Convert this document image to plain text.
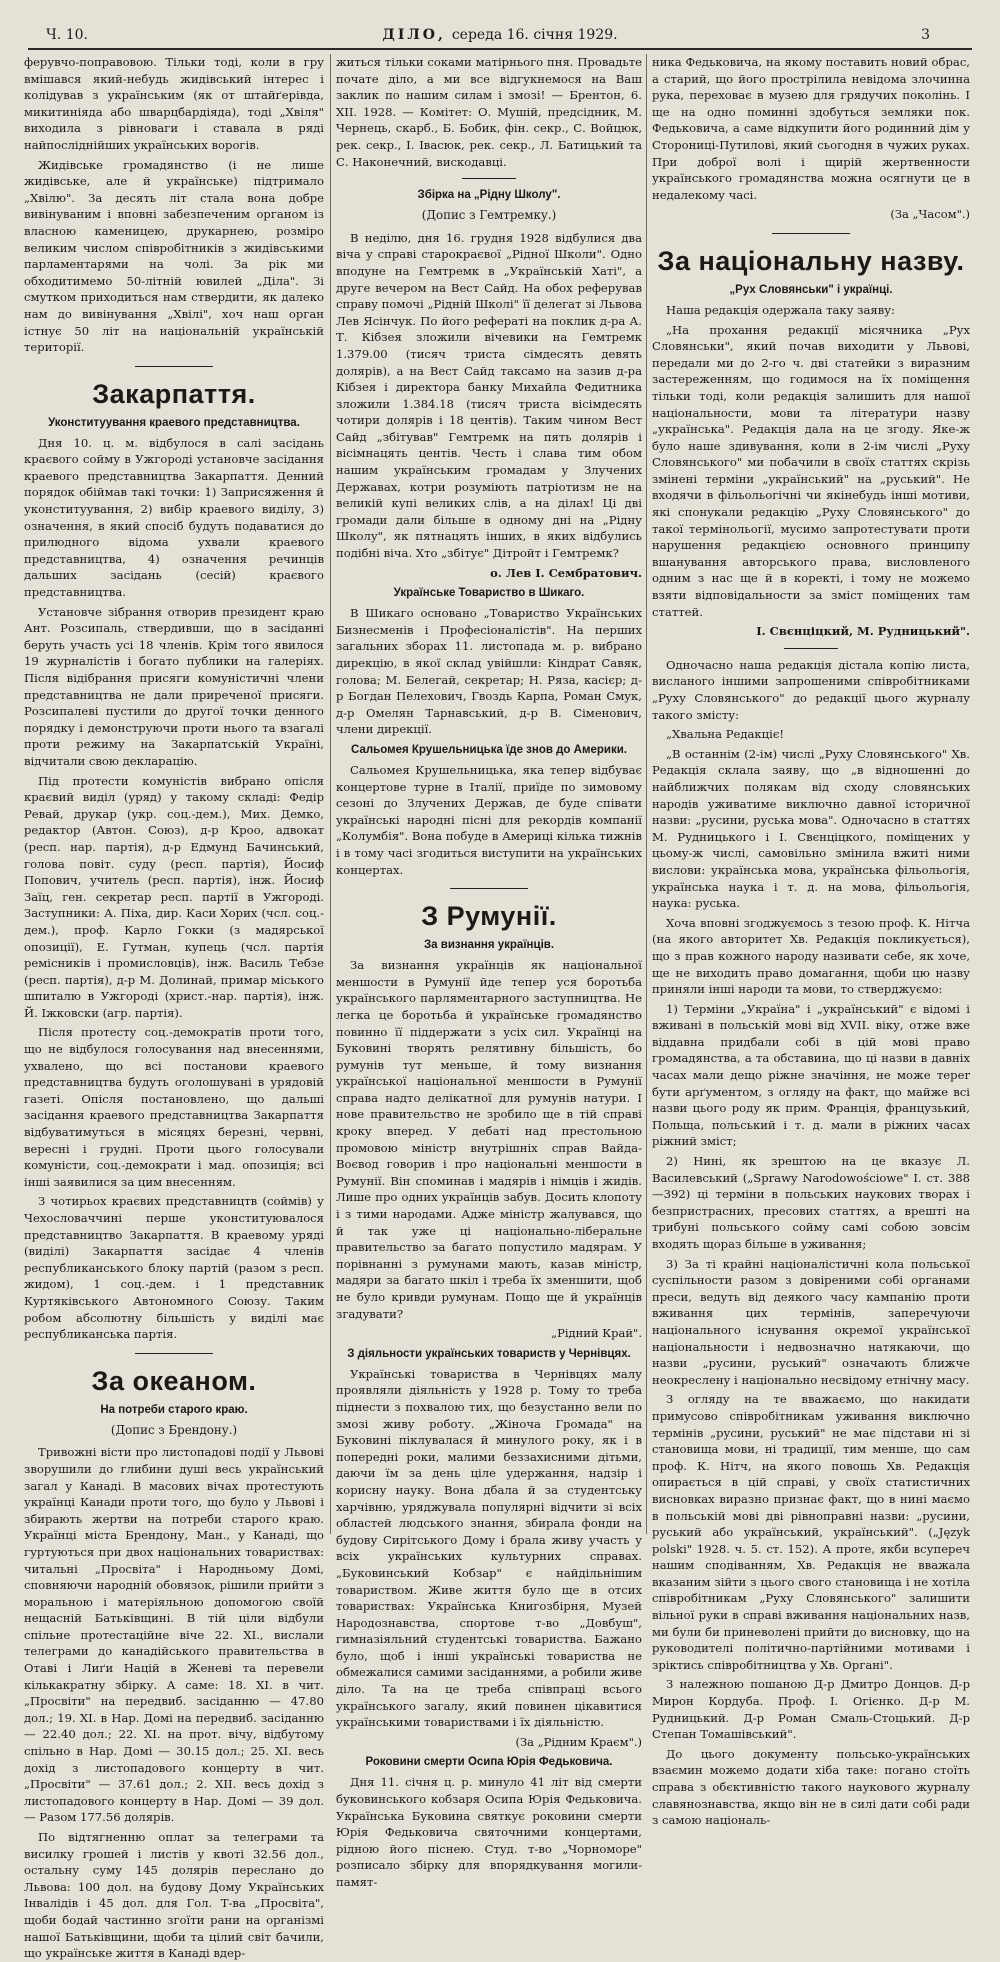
Ч. 10.	ДІЛО, середа 16. січня 1929.	3

ферувчо-поправовою. Тільки тоді, коли в гру вмішався який-небудь жидівський інтерес і колідував з українським (як от штайґерівда, микитиніяда або шварцбардіяда), тоді „Хвіля" виходила з рівноваги і ставала в ряді найпосліднійших українських ворогів.

Жидівське громадянство (і не лише жидівське, але й українське) підтримало „Хвілю". За десять літ стала вона добре вивінуваним і вповні забезпеченим органом із власною каменицею, друкарнею, розміро великим числом співробітників з жидівськими парламентарями на чолі. За рік ми обходитимемо 50-літній ювилей „Діла". Зі смутком приходиться нам ствердити, як далеко нам до вивінування „Хвілі", хоч наш орган істнує 50 літ на національній українській території.

Закарпаття.
Уконституування краевого представництва.

Дня 10. ц. м. відбулося в салі засідань краєвого сойму в Ужгороді установче засідання краевого представництва Закарпаття. Денний порядок обіймав такі точки: 1) Заприсяження й уконституування, 2) вибір краевого виділу, 3) означення, в який спосіб будуть подаватися до прилюдного відома ухвали краевого представництва, 4) означення речинців дальших засідань (сесій) краєвого представництва.

Установче зібрання отворив президент краю Ант. Розсипаль, ствердивши, що в засіданні беруть участь усі 18 членів. Крім того явилося 19 журналістів і богато публики на галеріях. Після відібрання присяги комуністичні члени представництва не дали приреченої присяги. Розсипалеві пустили до другої точки денного порядку і демонструючи проти нього та взагалі проти режиму на Закарпатській Україні, відчитали свою декларацію.

Під протести комуністів вибрано опісля краєвий виділ (уряд) у такому складі: Федір Ревай, друкар (укр. соц.-дем.), Мих. Демко, редактор (Автон. Союз), д-р Кроо, адвокат (респ. нар. партія), д-р Едмунд Бачинський, голова повіт. суду (респ. партія), Йосиф Попович, учитель (респ. партія), інж. Йосиф Заїц, ген. секретар респ. партії в Ужгороді. Заступники: А. Піха, дир. Каси Хорих (чсл. соц.-дем.), проф. Карло Гокки (з мадярської опозиції), Е. Гутман, купець (чсл. партія ремісників і промисловців), інж. Василь Тебзе (респ. партія), д-р М. Долинай, примар міського шпиталю в Ужгороді (христ.-нар. партія), інж. Й. Іжковски (агр. партія).

Після протесту соц.-демократів проти того, що не відбулося голосування над внесеннями, ухвалено, що всі постанови краевого представництва будуть оголошувані в урядовій газеті. Опісля постановлено, що дальші засідання краевого представництва Закарпаття відбуватимуться в місяцях березні, червні, вересні і грудні. Проти цього голосували комуністи, соц.-демократи і мад. опозиція; всі інші заявилися за цим внесенням.

З чотирьох краєвих представництв (соймів) у Чехословаччині перше уконституювалося представництво Закарпаття. В краевому уряді (виділі) Закарпаття засідає 4 членів республиканського блоку партій (разом з респ. жидом), 1 соц.-дем. і 1 представник Куртяківського Автономного Союзу. Таким робом абсолютну більшість у виділі має республиканська партія.

За океаном.
На потреби старого краю.
(Допис з Брендону.)

Тривожні вісти про листопадові події у Львові зворушили до глибини душі весь український загал у Канаді. В масових вічах протестують українці Канади проти того, що було у Львові і збирають жертви на потреби старого краю. Українці міста Брендону, Ман., у Канаді, що гуртуються при двох національних товариствах: читальні „Просвіта" і Народньому Домі, сповняючи народній обовязок, рішили прийти з моральною і матеріяльною допомогою своїй нещасній Батьківщині. В тій ціли відбули спільне протестаційне віче 22. XI., вислали телеграми до канадійського правительства в Отаві і Лиґи Націй в Женеві та перевели кількакратну збірку. А саме: 18. XI. в чит. „Просвіти" на передвиб. засіданню — 47.80 дол.; 19. XI. в Нар. Домі на передвиб. засіданню — 22.40 дол.; 22. XI. на прот. вічу, відбутому спільно в Нар. Домі — 30.15 дол.; 25. XI. весь дохід з листопадового концерту в чит. „Просвіти" — 37.61 дол.; 2. XII. весь дохід з листопадового концерту в Нар. Домі — 39 дол. — Разом 177.56 долярів.

По відтягненню оплат за телеграми та висилку грошей і листів у квоті 32.56 дол., остальну суму 145 долярів переслано до Львова: 100 дол. на будову Дому Українських Інвалідів і 45 дол. для Гол. Т-ва „Просвіта", щоби бодай частинно згоїти рани на організмі нашої Батьківщини, щоби та цілий світ бачили, що українське життя в Канаді вдер-

житься тільки соками матірнього пня. Провадьте почате діло, а ми все відгукнемося на Ваш заклик по нашим силам і змозі! — Брентон, 6. XII. 1928. — Комітет: О. Мушій, предсідник, М. Чернець, скарб., Б. Бобик, фін. секр., С. Войцюк, рек. секр., І. Івасюк, рек. секр., Л. Батицький та С. Наконечний, вискодавці.

Збірка на „Рідну Школу".
(Допис з Гемтремку.)

В неділю, дня 16. грудня 1928 відбулися два віча у справі старокраєвої „Рідної Школи". Одно вподуне на Гемтремк в „Українській Хаті", а друге вечером на Вест Сайд. На обох реферував справу помочі „Рідній Школі" її делегат зі Львова Лев Ясінчук. По його рефераті на поклик д-ра А. Т. Кібзея зложили вічевики на Гемтремк 1.379.00 (тисяч триста сімдесять девять долярів), а на Вест Сайд таксамо на зазив д-ра Кібзея і директора банку Михайла Федитника зложили 1.384.18 (тисяч триста вісімдесять чотири долярів і 18 центів). Таким чином Вест Сайд „збітував" Гемтремк на пять долярів і вісімнацять центів. Честь і слава тим обом нашим українським громадам у Злучених Державах, котри розуміють патріотизм не на великій купі великих слів, а на ділах! Ці дві громади дали більше в одному дні на „Рідну Школу", як пятнацять інших, в яких відбулись подібні віча. Хто „збітує" Дітройт і Гемтремк?

о. Лев І. Сембратович.
Українське Товариство в Шикаго.

В Шикаго основано „Товариство Українських Бизнесменів і Професіоналістів". На перших загальних зборах 11. листопада м. р. вибрано дирекцію, в якої склад увійшли: Кіндрат Савяк, голова; М. Белегай, секретар; Н. Ряза, касієр; д-р Богдан Пелехович, Гвоздь Карпа, Роман Смук, д-р Омелян Тарнавський, д-р В. Сіменович, члени дирекції.

Сальомея Крушельницька їде знов до Америки.

Сальомея Крушельницька, яка тепер відбуває концертове турне в Італії, приїде по зимовому сезоні до Злучених Держав, де буде співати українські народні пісні для рекордів компанії „Колумбія". Вона побуде в Америці кілька тижнів і в тому часі згодиться виступити на українських концертах.

З Румунії.
За визнання українців.

За визнання українців як національної меншости в Румунії йде тепер уся боротьба українського парляментарного заступництва. Не легка це боротьба й українське громадянство повинно її піддержати з усіх сил. Українці на Буковині творять релятивну більшість, бо румунів тут меньше, й тому визнання української національної меншости в Румунії справа надто делікатної для румунів натури. І нове правительство не зробило ще в тій справі кроку вперед. У дебаті над престольною промовою міністр внутрішніх справ Вайда-Воєвод говорив і про національні меншости в Румунії. Він споминав і мадярів і німців і жидів. Лише про одних українців забув. Досить клопоту і з тими народами. Адже міністр жалувався, що й так уже ці національно-ліберальне правительство за багато попустило мадярам. У порівнанні з румунами мають, казав міністр, мадяри за багато шкіл і треба їх зменшити, щоб не було кривди румунам. Пощо ще й українців згадувати?

„Рідний Край".
З діяльности українських товариств у Чернівцях.

Українські товариства в Чернівцях малу проявляли діяльність у 1928 р. Тому то треба піднести з похвалою тих, що безустанно вели по змозі живу роботу. „Жіноча Громада" на Буковині піклувалася й минулого року, як і в попередні роки, малими беззахисними дітьми, даючи їм за день ціле удержання, надзір і корисну науку. Вона дбала й за студентську харчівню, уряджувала популярні відчити зі всіх областей людського знання, збирала фонди на будову Сирітського Дому і брала живу участь у всіх українських культурних справах. „Буковинський Кобзар" є найдільнішим товариством. Живе життя було ще в отсих товариствах: Українська Книгозбірня, Музей Народознавства, спортове т-во „Довбуш", гимназіяльний студентські товариства. Бажано було, щоб і інші українські товариства не обмежалися самими засіданнями, а робили живе діло. Та на це треба співпраці всього українського загалу, який повинен цікавитися українськими товариствами і їх діяльністю.

(За „Рідним Краєм".)
Роковини смерти Осипа Юрія Федьковича.

Дня 11. січня ц. р. минуло 41 літ від смерти буковинського кобзаря Осипа Юрія Федьковича. Українська Буковина святкує роковини смерти Юрія Федьковича святочними концертами, рідною його піснею. Студ. т-во „Чорноморе" розписало збірку для впорядкування могили-памят-

ника Федьковича, на якому поставить новий обрас, а старий, що його прострілила невідома злочинна рука, переховає в музею для грядучих поколінь. І ще на одно поминні здобуться земляки пок. Федьковича, а саме відкупити його родинний дім у Сторониці-Путилові, який сьогодня в чужих руках. При доброї волі і щирій жертвенности українського громадянства можна осягнути це в недалекому часі.

(За „Часом".)
За національну назву.
„Рух Словянськи" і українці.

Наша редакція одержала таку заяву:

„На прохання редакції місячника „Рух Словянськи", який почав виходити у Львові, передали ми до 2-го ч. дві статейки з виразним застереженням, що годимося на їх поміщення тільки тоді, коли редакція залишить для нашої національности, мови та літератури назву „українська". Редакція дала на це згоду. Яке-ж було наше здивування, коли в 2-ім числі „Руху Словянського" ми побачили в своїх статтях скрізь змінені терміни „український" на „руський". Не входячи в фільольогічні чи якінебудь інші мотиви, які спонукали редакцію „Руху Словянського" до такої термінольогії, мусимо запротестувати проти нарушення редакцією основного принципу вшанування авторського права, висловленого одним з нас ще й в коректі, і тому не можемо взяти відповідальности за зміст поміщених там статтей.

І. Свєнціцкий, М. Рудницький".

Одночасно наша редакція дістала копію листа, висланого іншими запрошеними співробітниками „Руху Словянського" до редакції цього журналу такого змісту:

„Хвальна Редакціє!

„В останнім (2-ім) числі „Руху Словянського" Хв. Редакція склала заяву, що „в відношенні до найближчих полякам від сходу словянських народів уживатиме виключно давної історичної назви: „русини, руська мова". Одночасно в статтях М. Рудницького і І. Свєнціцкого, поміщених у цьому-ж числі, самовільно змінила вжиті ними вислови: українська мова, українська фільольогія, українська наука і т. д. на мова, фільольогія, наука: руська.

Хоча вповні згоджуємось з тезою проф. К. Нітча (на якого авторитет Хв. Редакція покликується), що з прав кожного народу називати себе, як хоче, ще не виходить право домагання, щоби цю назву приняли інші народи та мови, то стверджуємо:

1) Терміни „Україна" і „український" є відомі і вживані в польській мові від XVII. віку, отже вже віддавна придбали собі в цій мові право громадянства, а та обставина, що ці назви в давніх часах мали дещо ріжне значіння, не може теper бути арґументом, з огляду на факт, що майже всі назви цього роду як прим. Франція, французький, Польща, польський і т. д. мали в ріжних часах ріжний зміст;

2) Нині, як зрештою на це вказує Л. Василевський („Sprawy Narodowościowe" I. ст. 388—392) ці терміни в польських наукових творах і безпристрасних, пресових статтях, а врешті на трибуні польського сойму самі собою зовсім входять щораз більше в уживання;

3) За ті крайні націоналістичні кола польської суспільности разом з довіреними собі органами преси, ведуть від деякого часу кампанію проти вживання цих термінів, заперечуючи національного існування окремої української національности і недвозначно натякаючи, що назви „русини, руський" означають ближче неокреслену і національно несвідому етнічну масу.

З огляду на те вважаємо, що накидати примусово співробітникам уживання виключно термінів „русини, руський" не має підстави ні зі становища мови, ні традиції, тим менше, що сам проф. К. Нітч, на якого повошь Хв. Редакція опирається в цій справі, у своїх статистичних висновках виразно признає факт, що в нині маємо в польській мові дві рівноправні назви: „русини, руський або український, український". („Język polski" 1928. ч. 5. ст. 152). А проте, якби всупереч нашим сподіванням, Хв. Редакція не вважала вказаним зійти з цього свого становища і не хотіла співробітникам „Руху Словянського" залишити вільної руки в справі вживання національних назв, ми були би приневолені прийти до висновку, що на руководителі політично-партійними мотивами і зріктись співробітництва у Хв. Органі".

З належною пошаною Д-р Дмитро Донцов. Д-р Мирон Кордуба. Проф. І. Огієнко. Д-р М. Рудницький. Д-р Роман Смаль-Стоцький. Д-р Степан Томашівський".

До цього документу польсько-українських взаємин можемо додати хіба таке: погано стоїть справа з обєктивністю такого наукового журналу славянознавства, якщо він не в силі дати собі ради з самою національ-
